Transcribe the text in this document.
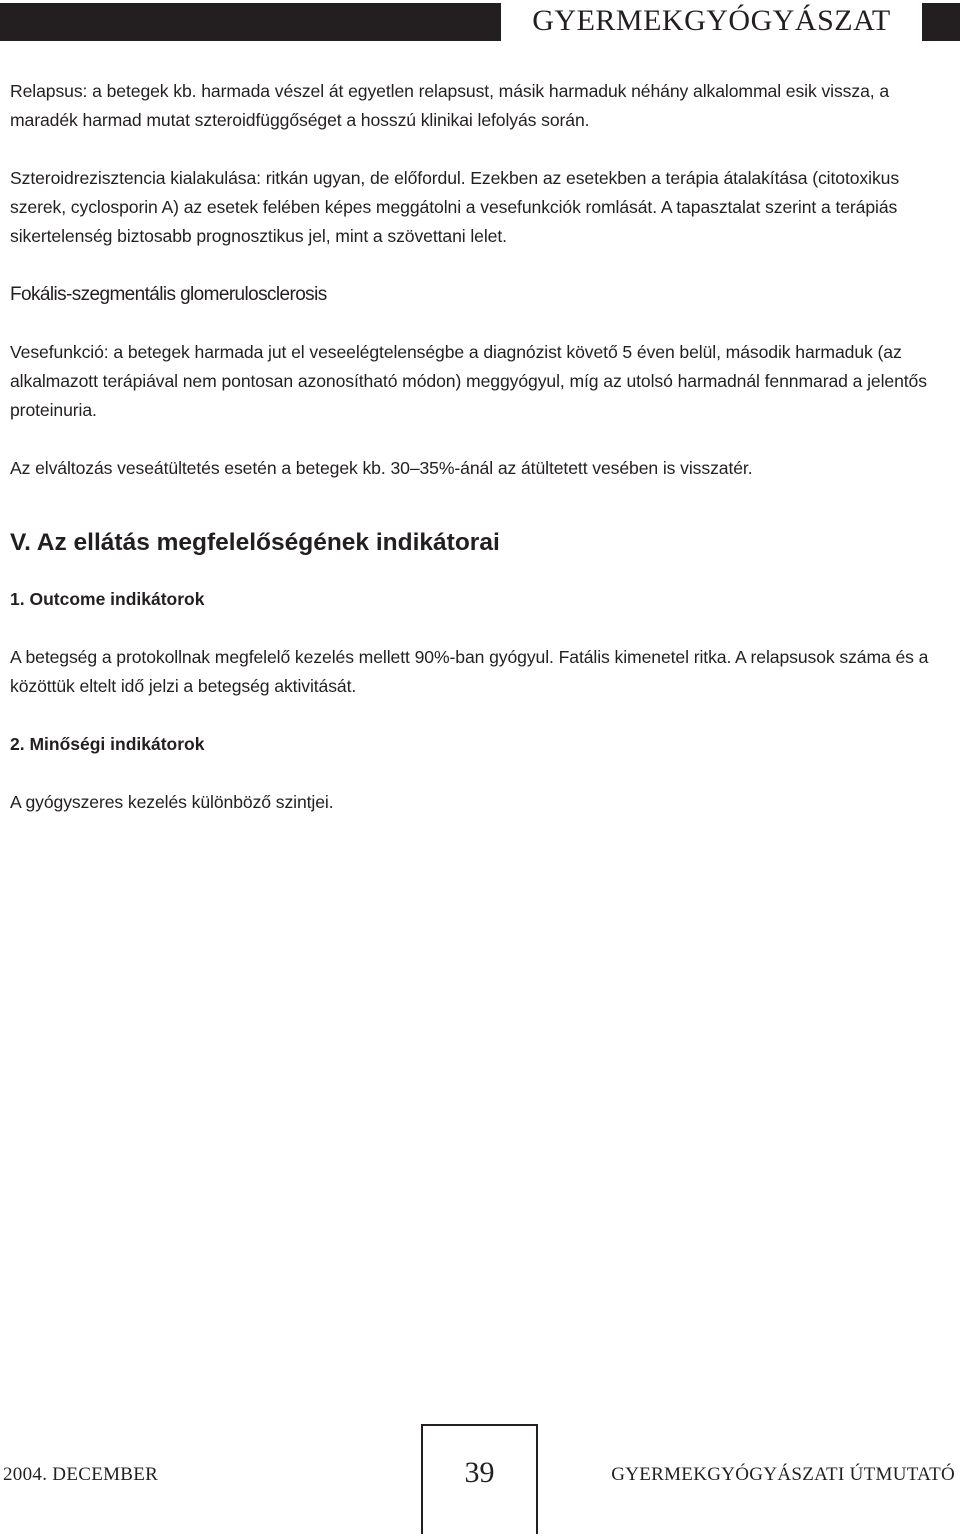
GYERMEKGYÓGYÁSZAT

Relapsus: a betegek kb. harmada vészel át egyetlen relapsust, másik harmaduk néhány alkalommal esik vissza, a maradék harmad mutat szteroidfüggőséget a hosszú klinikai lefolyás során.

Szteroidrezisztencia kialakulása: ritkán ugyan, de előfordul. Ezekben az esetekben a terápia átalakítása (citotoxikus szerek, cyclosporin A) az esetek felében képes meggátolni a vesefunkciók romlását. A tapasztalat szerint a terápiás sikertelenség biztosabb prognosztikus jel, mint a szövettani lelet.

Fokális-szegmentális glomerulosclerosis

Vesefunkció: a betegek harmada jut el veseelégtelenségbe a diagnózist követő 5 éven belül, második harmaduk (az alkalmazott terápiával nem pontosan azonosítható módon) meggyógyul, míg az utolsó harmadnál fennmarad a jelentős proteinuria.

Az elváltozás veseátültetés esetén a betegek kb. 30–35%-ánál az átültetett vesében is visszatér.

V. Az ellátás megfelelőségének indikátorai
1. Outcome indikátorok

A betegség a protokollnak megfelelő kezelés mellett 90%-ban gyógyul. Fatális kimenetel ritka. A relapsusok száma és a közöttük eltelt idő jelzi a betegség aktivitását.

2. Minőségi indikátorok

A gyógyszeres kezelés különböző szintjei.

2004. DECEMBER	39	GYERMEKGYÓGYÁSZATI ÚTMUTATÓ
